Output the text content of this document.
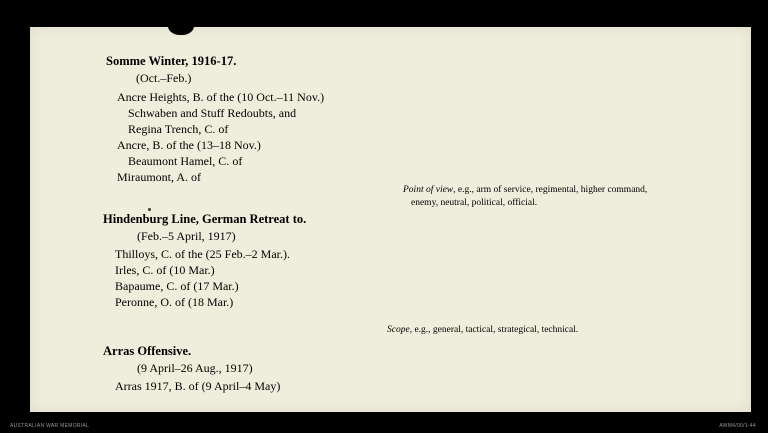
Somme Winter, 1916-17.
(Oct.–Feb.)
Ancre Heights, B. of the (10 Oct.–11 Nov.)
Schwaben and Stuff Redoubts, and
Regina Trench, C. of
Ancre, B. of the (13–18 Nov.)
Beaumont Hamel, C. of
Miraumont, A. of
Point of view, e.g., arm of service, regimental, higher command,
enemy, neutral, political, official.
Hindenburg Line, German Retreat to.
(Feb.–5 April, 1917)
Thilloys, C. of the (25 Feb.–2 Mar.).
Irles, C. of (10 Mar.)
Bapaume, C. of (17 Mar.)
Peronne, O. of (18 Mar.)
Scope, e.g., general, tactical, strategical, technical.
Arras Offensive.
(9 April–26 Aug., 1917)
Arras 1917, B. of (9 April–4 May)
AUSTRALIAN WAR MEMORIAL	AWM4/00/1-44
